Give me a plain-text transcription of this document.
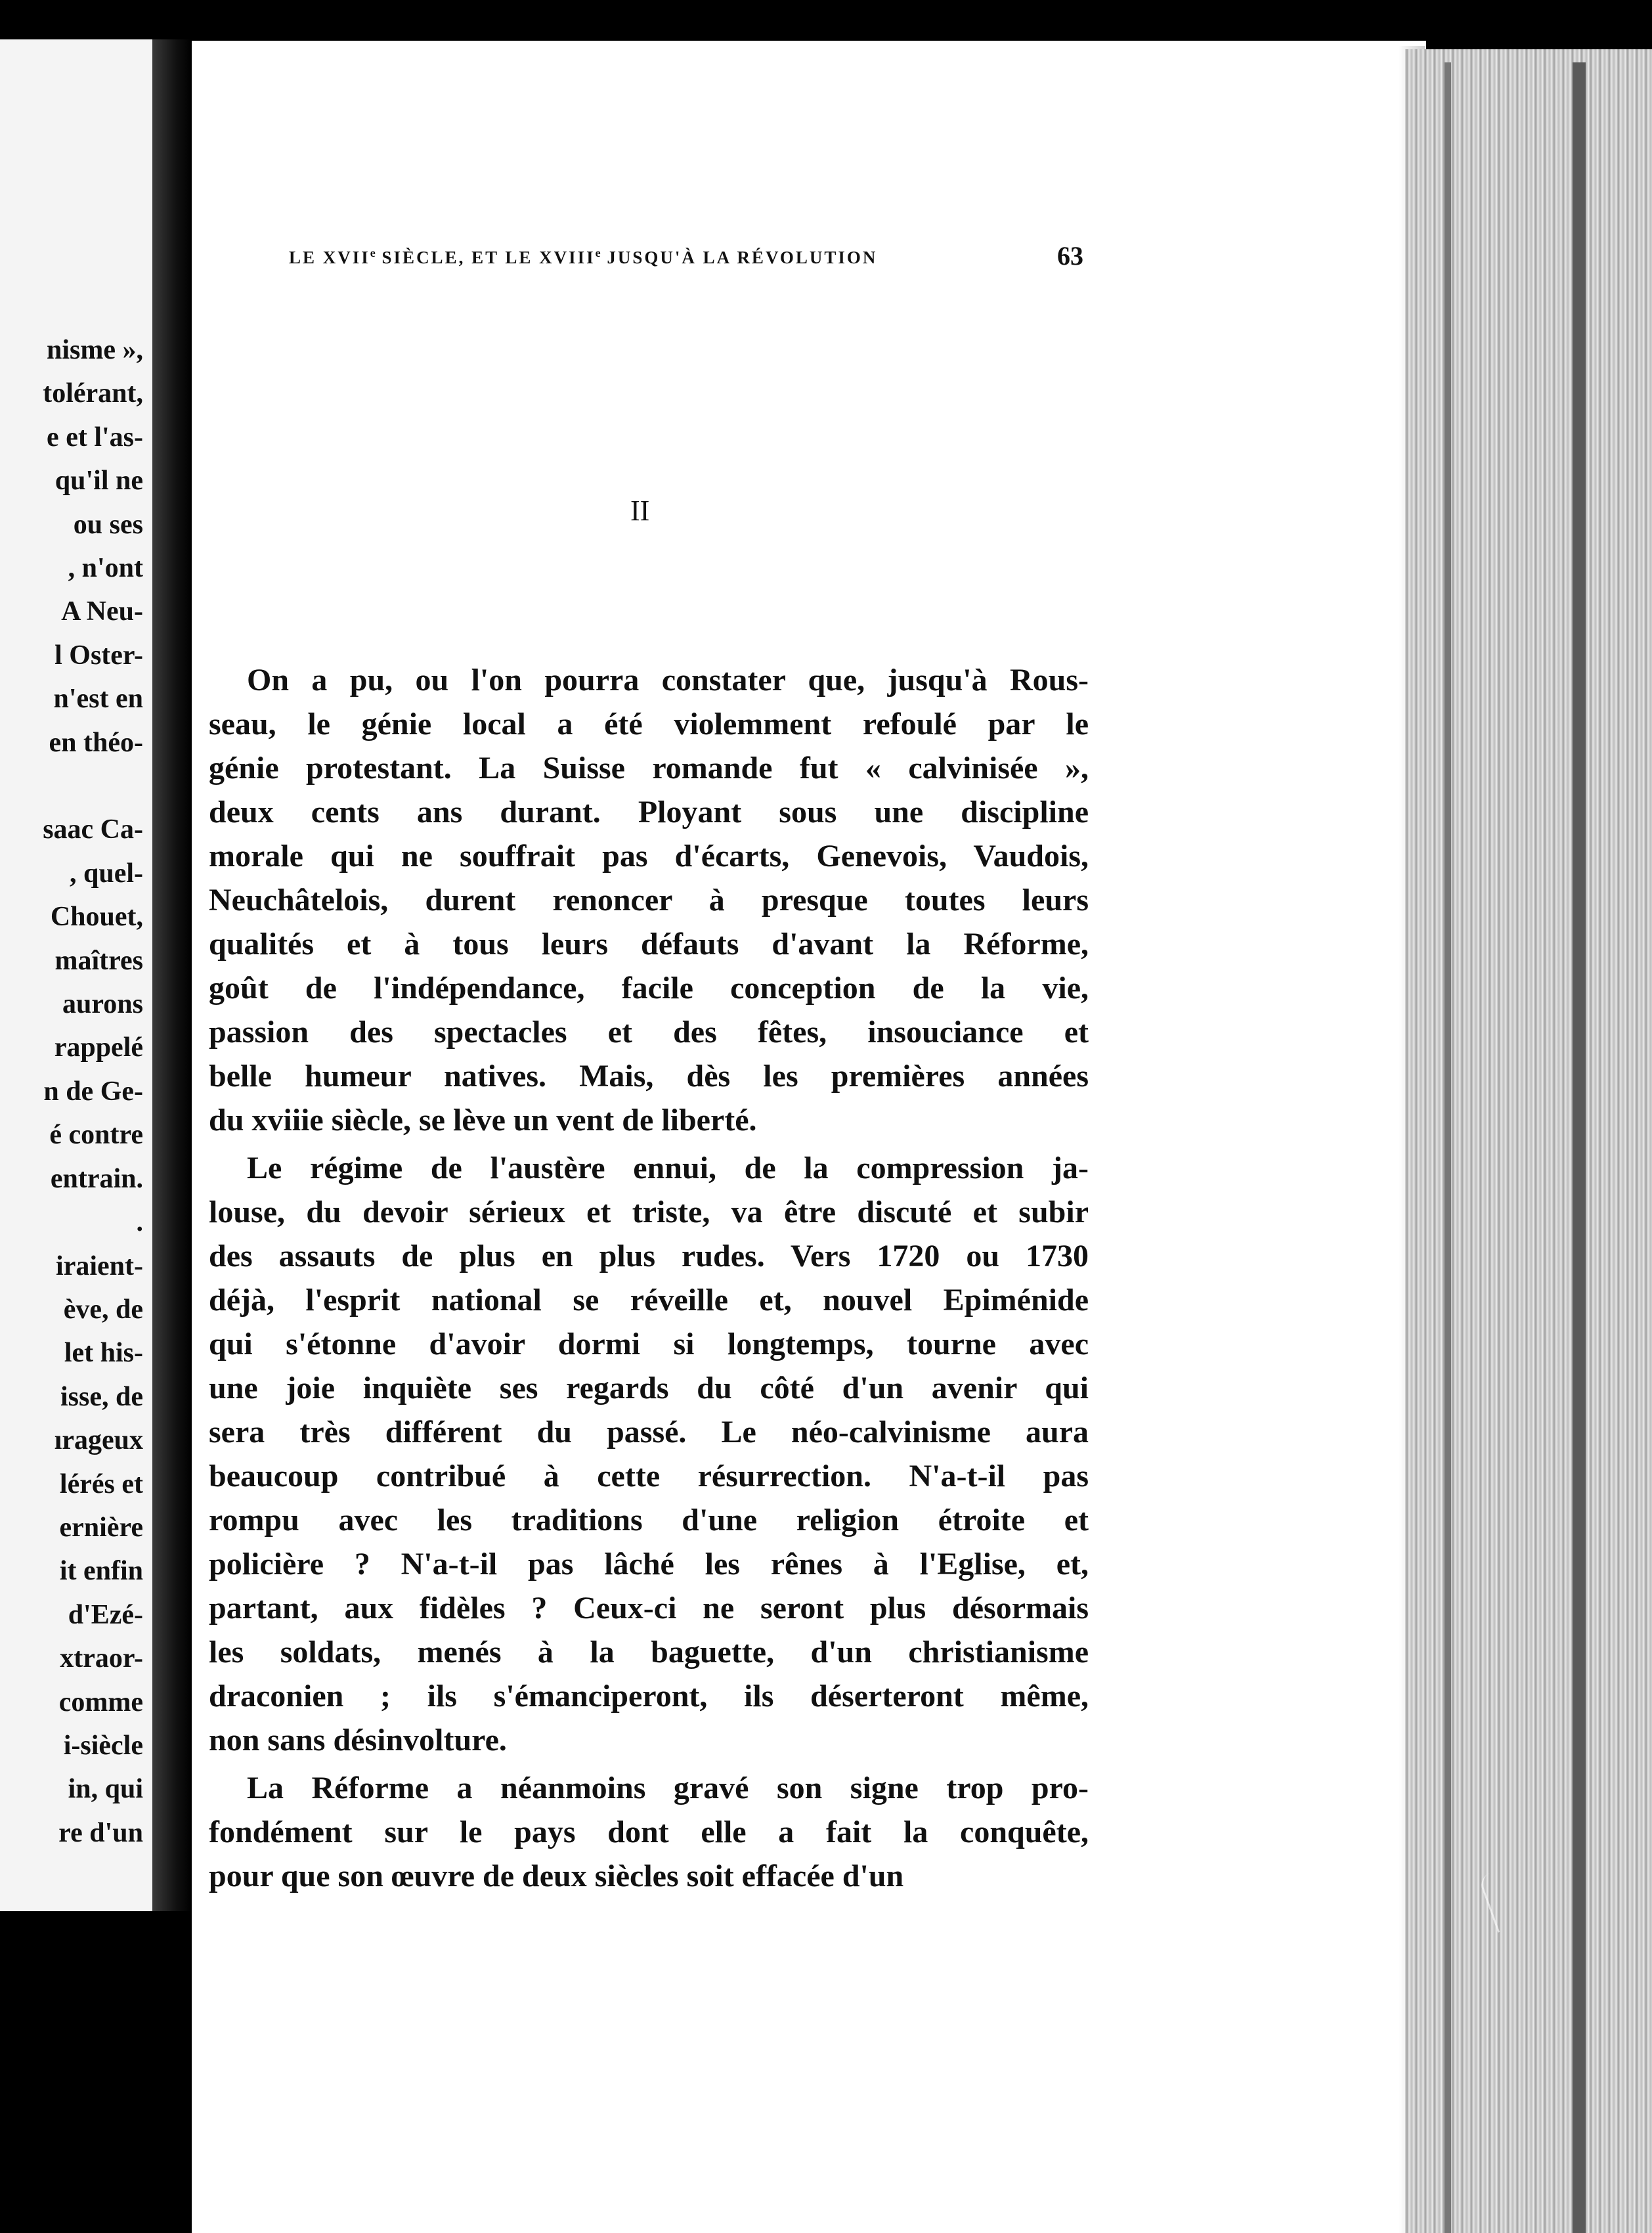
nisme »,
tolérant,
e et l'as-
qu'il ne
ou ses
, n'ont
A Neu-
l Oster-
n'est en
en théo-

saac Ca-
, quel-
Chouet,
maîtres
aurons
rappelé
n de Ge-
é contre
entrain.
.
iraient-
ève, de
let his-
isse, de
ırageux
lérés et
ernière
it enfin
d'Ezé-
xtraor-
comme
i-siècle
in, qui
re d'un
LE XVIIe SIÈCLE, ET LE XVIIIe JUSQU'À LA RÉVOLUTION	63
II

On a pu, ou l'on pourra constater que, jusqu'à Rous-
seau, le génie local a été violemment refoulé par le
génie protestant. La Suisse romande fut « calvinisée »,
deux cents ans durant. Ployant sous une discipline
morale qui ne souffrait pas d'écarts, Genevois, Vaudois,
Neuchâtelois, durent renoncer à presque toutes leurs
qualités et à tous leurs défauts d'avant la Réforme,
goût de l'indépendance, facile conception de la vie,
passion des spectacles et des fêtes, insouciance et
belle humeur natives. Mais, dès les premières années
du xviiie siècle, se lève un vent de liberté.

Le régime de l'austère ennui, de la compression ja-
louse, du devoir sérieux et triste, va être discuté et subir
des assauts de plus en plus rudes. Vers 1720 ou 1730
déjà, l'esprit national se réveille et, nouvel Epiménide
qui s'étonne d'avoir dormi si longtemps, tourne avec
une joie inquiète ses regards du côté d'un avenir qui
sera très différent du passé. Le néo-calvinisme aura
beaucoup contribué à cette résurrection. N'a-t-il pas
rompu avec les traditions d'une religion étroite et
policière ? N'a-t-il pas lâché les rênes à l'Eglise, et,
partant, aux fidèles ? Ceux-ci ne seront plus désormais
les soldats, menés à la baguette, d'un christianisme
draconien ; ils s'émanciperont, ils déserteront même,
non sans désinvolture.

La Réforme a néanmoins gravé son signe trop pro-
fondément sur le pays dont elle a fait la conquête,
pour que son œuvre de deux siècles soit effacée d'un
